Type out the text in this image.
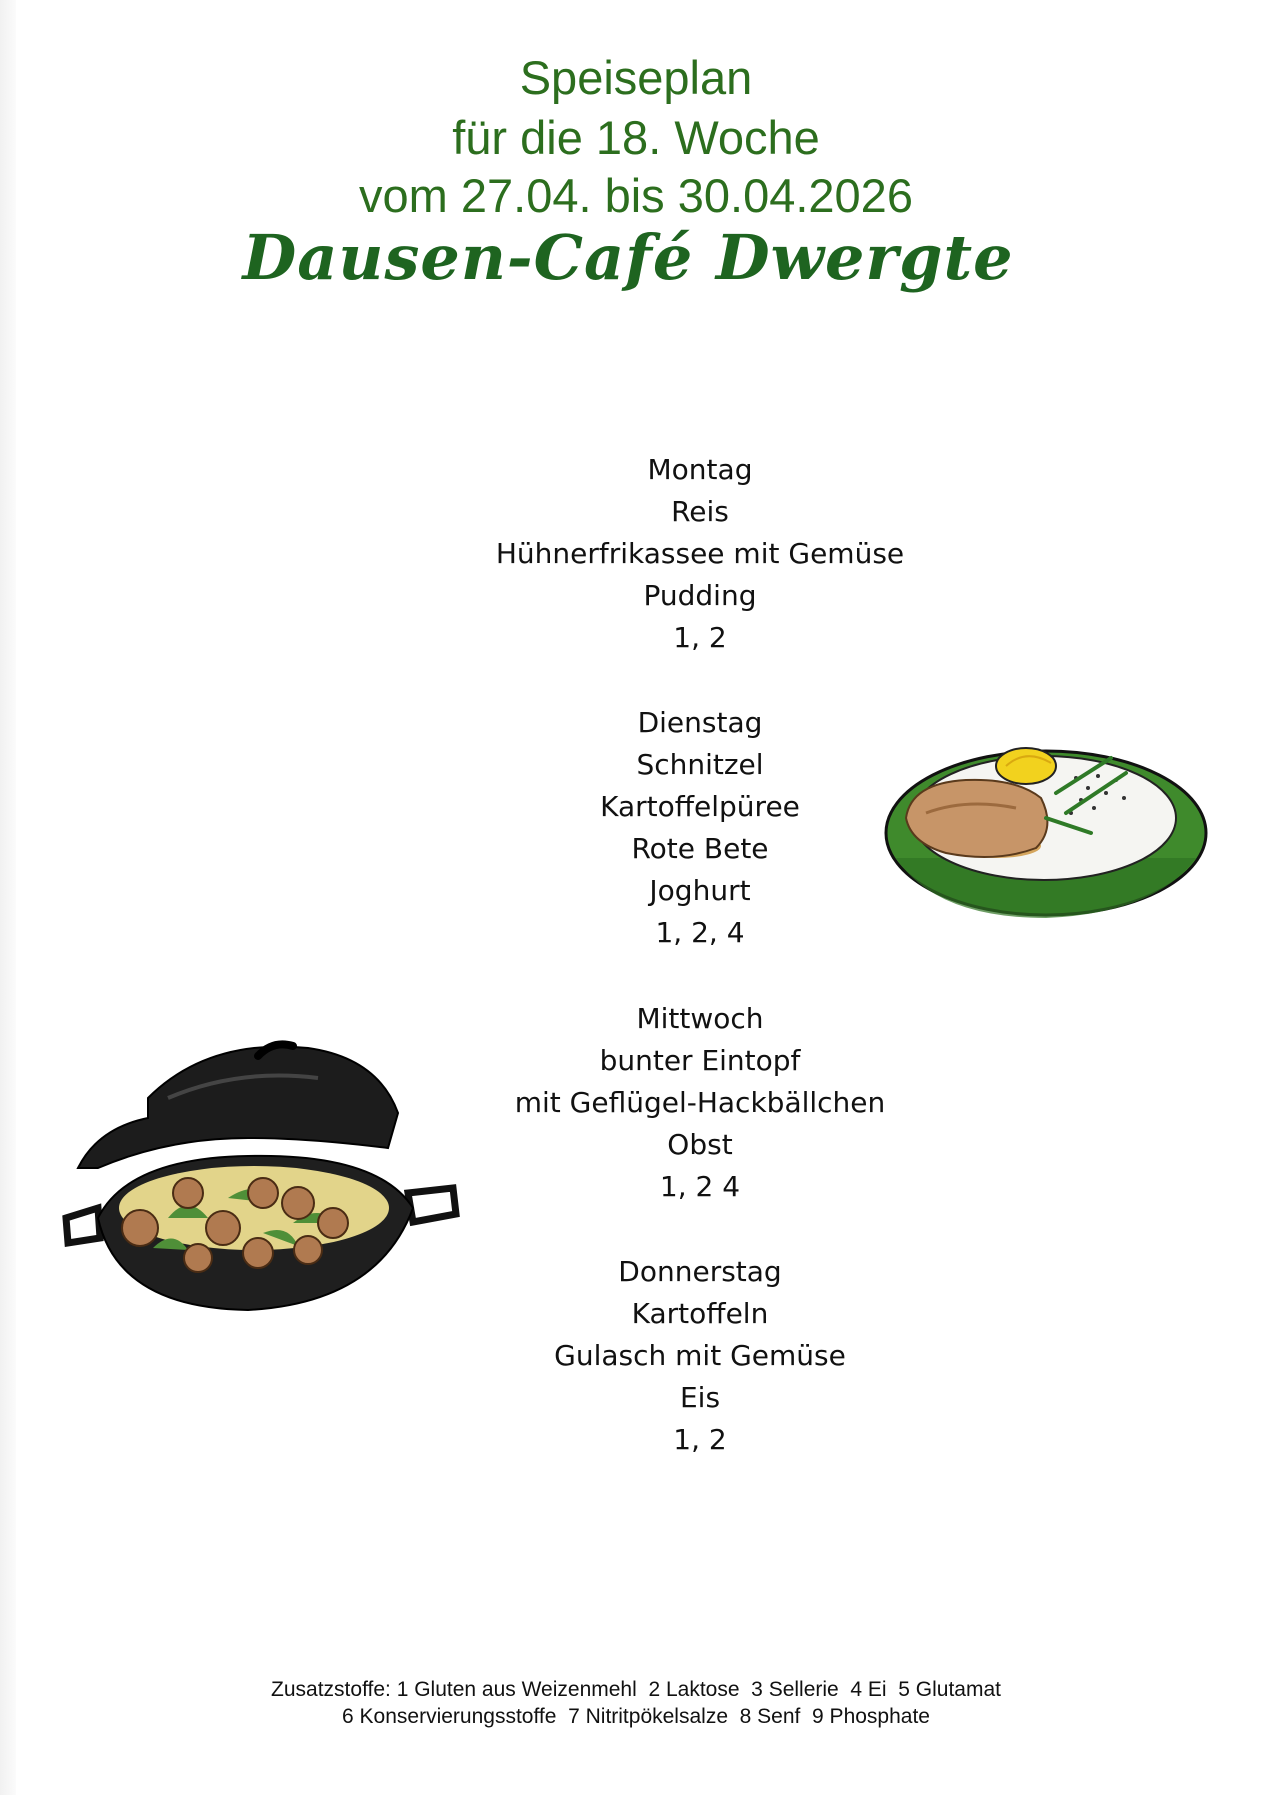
Speiseplan
für die 18. Woche
vom 27.04. bis 30.04.2026
Dausen-Café Dwergte
Montag
Reis
Hühnerfrikassee mit Gemüse
Pudding
1, 2
Dienstag
Schnitzel
Kartoffelpüree
Rote Bete
Joghurt
1, 2, 4
Mittwoch
bunter Eintopf
mit Geflügel-Hackbällchen
Obst
1, 2 4
Donnerstag
Kartoffeln
Gulasch mit Gemüse
Eis
1, 2
Zusatzstoffe: 1 Gluten aus Weizenmehl  2 Laktose  3 Sellerie  4 Ei  5 Glutamat
6 Konservierungsstoffe  7 Nitritpökelsalze  8 Senf  9 Phosphate
